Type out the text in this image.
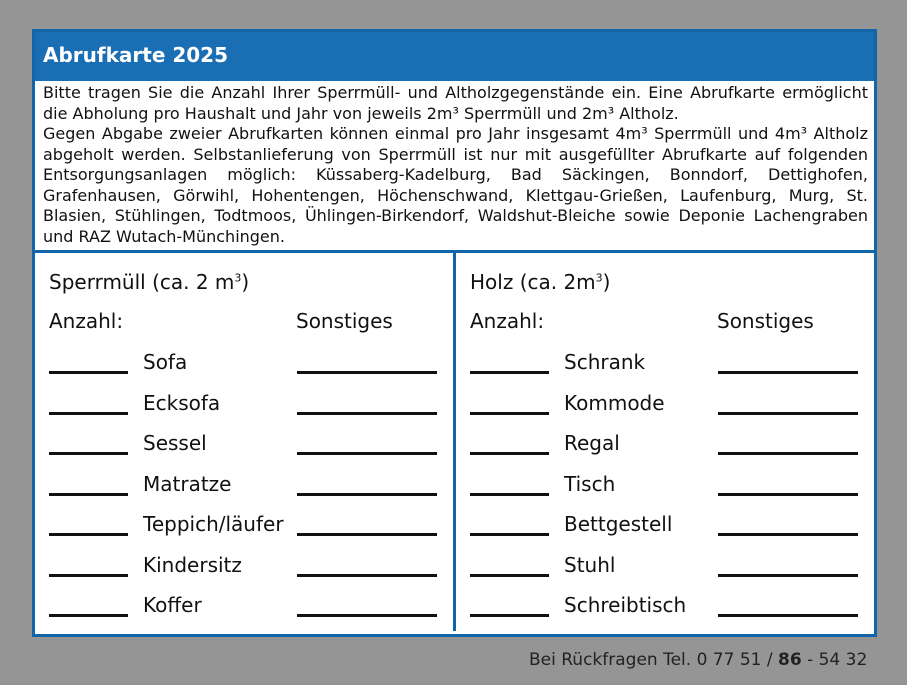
Abrufkarte 2025

Bitte tragen Sie die Anzahl Ihrer Sperrmüll- und Altholzgegenstände ein. Eine Abrufkarte ermöglicht die Abholung pro Haushalt und Jahr von jeweils 2m³ Sperrmüll und 2m³ Altholz.

Gegen Abgabe zweier Abrufkarten können einmal pro Jahr insgesamt 4m³ Sperrmüll und 4m³ Altholz abgeholt werden. Selbstanlieferung von Sperrmüll ist nur mit ausgefüllter Abrufkarte auf folgenden Entsorgungsanlagen möglich: Küssaberg-Kadelburg, Bad Säckingen, Bonndorf, Dettighofen, Grafenhausen, Görwihl, Hohentengen, Höchenschwand, Klettgau-Grießen, Laufenburg, Murg, St. Blasien, Stühlingen, Todtmoos, Ühlingen-Birkendorf, Waldshut-Bleiche sowie Deponie Lachengraben und RAZ Wutach-Münchingen.

Sperrmüll (ca. 2 $m^3$)
Anzahl:	Sonstiges
Sofa
Ecksofa
Sessel
Matratze
Teppich/läufer
Kindersitz
Koffer
Holz (ca. $2m^3$)
Anzahl:	Sonstiges
Schrank
Kommode
Regal
Tisch
Bettgestell
Stuhl
Schreibtisch
Bei Rückfragen Tel. 0 77 51 / 86 - 54 32
